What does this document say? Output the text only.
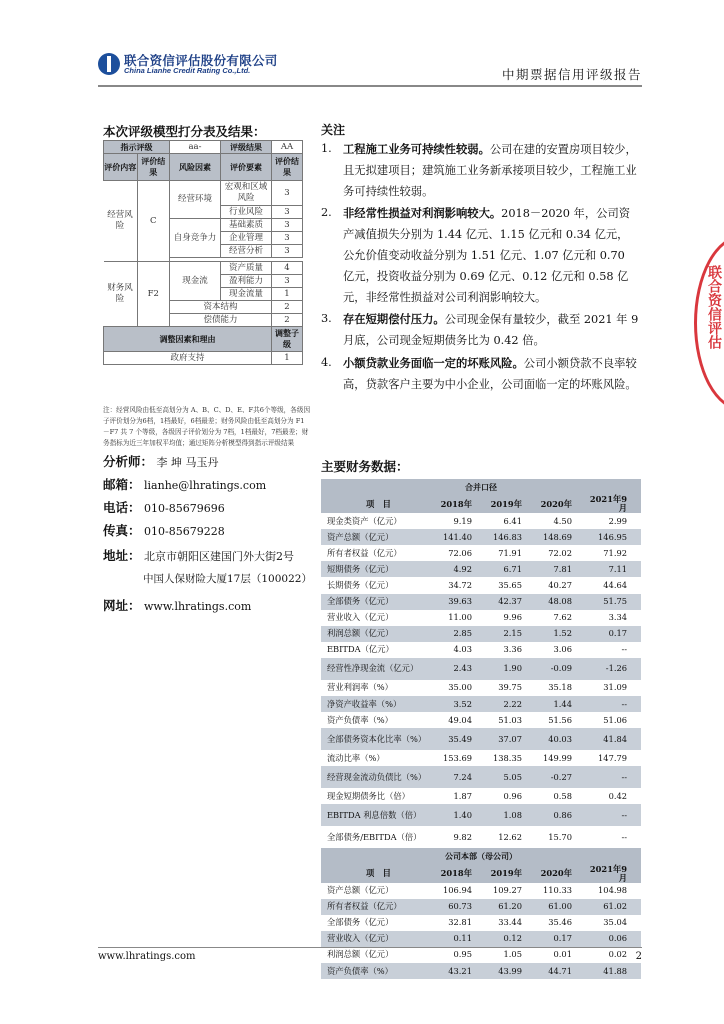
联合资信评估股份有限公司
China Lianhe Credit Rating Co.,Ltd.	中期票据信用评级报告
联合资信评估
本次评级模型打分表及结果：
指示评级		aa-	评级结果	AA
评价内容	评价结果	风险因素	评价要素	评价结果
经营风险	C	经营环境	宏观和区域风险	3
			行业风险	3
		自身竞争力	基础素质	3
			企业管理	3
			经营分析	3

财务风险	F2	现金流	资产质量	4
			盈利能力	3
			现金流量	1
		资本结构		2
		偿债能力		2
调整因素和理由				调整子级
政府支持				1
注：经营风险由低至高划分为 A、B、C、D、E、F共6个等级，各级因子评价划分为6档，1档最好，6档最差；财务风险由低至高划分为 F1－F7 共 7 个等级，各级因子评价划分为 7档，1档最好，7档最差；财务指标为近三年加权平均值；通过矩阵分析模型得到指示评级结果
分析师： 李 坤 马玉丹
邮箱： lianhe@lhratings.com
电话： 010-85679696
传真： 010-85679228
地址： 北京市朝阳区建国门外大街2号
中国人保财险大厦17层（100022）
网址： www.lhratings.com
关注
1. 工程施工业务可持续性较弱。公司在建的安置房项目较少，且无拟建项目；建筑施工业务新承接项目较少，工程施工业务可持续性较弱。
2. 非经常性损益对利润影响较大。2018－2020 年，公司资产减值损失分别为 1.44 亿元、1.15 亿元和 0.34 亿元，公允价值变动收益分别为 1.51 亿元、1.07 亿元和 0.70 亿元，投资收益分别为 0.69 亿元、0.12 亿元和 0.58 亿元，非经常性损益对公司利润影响较大。
3. 存在短期偿付压力。公司现金保有量较少，截至 2021 年 9 月底，公司现金短期债务比为 0.42 倍。
4. 小额贷款业务面临一定的坏账风险。公司小额贷款不良率较高，贷款客户主要为中小企业，公司面临一定的坏账风险。
主要财务数据：
合并口径				
项　目	2018年	2019年	2020年	2021年9月
现金类资产（亿元）	9.19	6.41	4.50	2.99
资产总额（亿元）	141.40	146.83	148.69	146.95
所有者权益（亿元）	72.06	71.91	72.02	71.92
短期债务（亿元）	4.92	6.71	7.81	7.11
长期债务（亿元）	34.72	35.65	40.27	44.64
全部债务（亿元）	39.63	42.37	48.08	51.75
营业收入（亿元）	11.00	9.96	7.62	3.34
利润总额（亿元）	2.85	2.15	1.52	0.17
EBITDA（亿元）	4.03	3.36	3.06	--
经营性净现金流（亿元）	2.43	1.90	-0.09	-1.26
营业利润率（%）	35.00	39.75	35.18	31.09
净资产收益率（%）	3.52	2.22	1.44	--
资产负债率（%）	49.04	51.03	51.56	51.06
全部债务资本化比率（%）	35.49	37.07	40.03	41.84
流动比率（%）	153.69	138.35	149.99	147.79
经营现金流动负债比（%）	7.24	5.05	-0.27	--
现金短期债务比（倍）	1.87	0.96	0.58	0.42
EBITDA 利息倍数（倍）	1.40	1.08	0.86	--
全部债务/EBITDA（倍）	9.82	12.62	15.70	--
公司本部（母公司）				
项　目	2018年	2019年	2020年	2021年9月
资产总额（亿元）	106.94	109.27	110.33	104.98
所有者权益（亿元）	60.73	61.20	61.00	61.02
全部债务（亿元）	32.81	33.44	35.46	35.04
营业收入（亿元）	0.11	0.12	0.17	0.06
利润总额（亿元）	0.95	1.05	0.01	0.02
资产负债率（%）	43.21	43.99	44.71	41.88
www.lhratings.com	2
